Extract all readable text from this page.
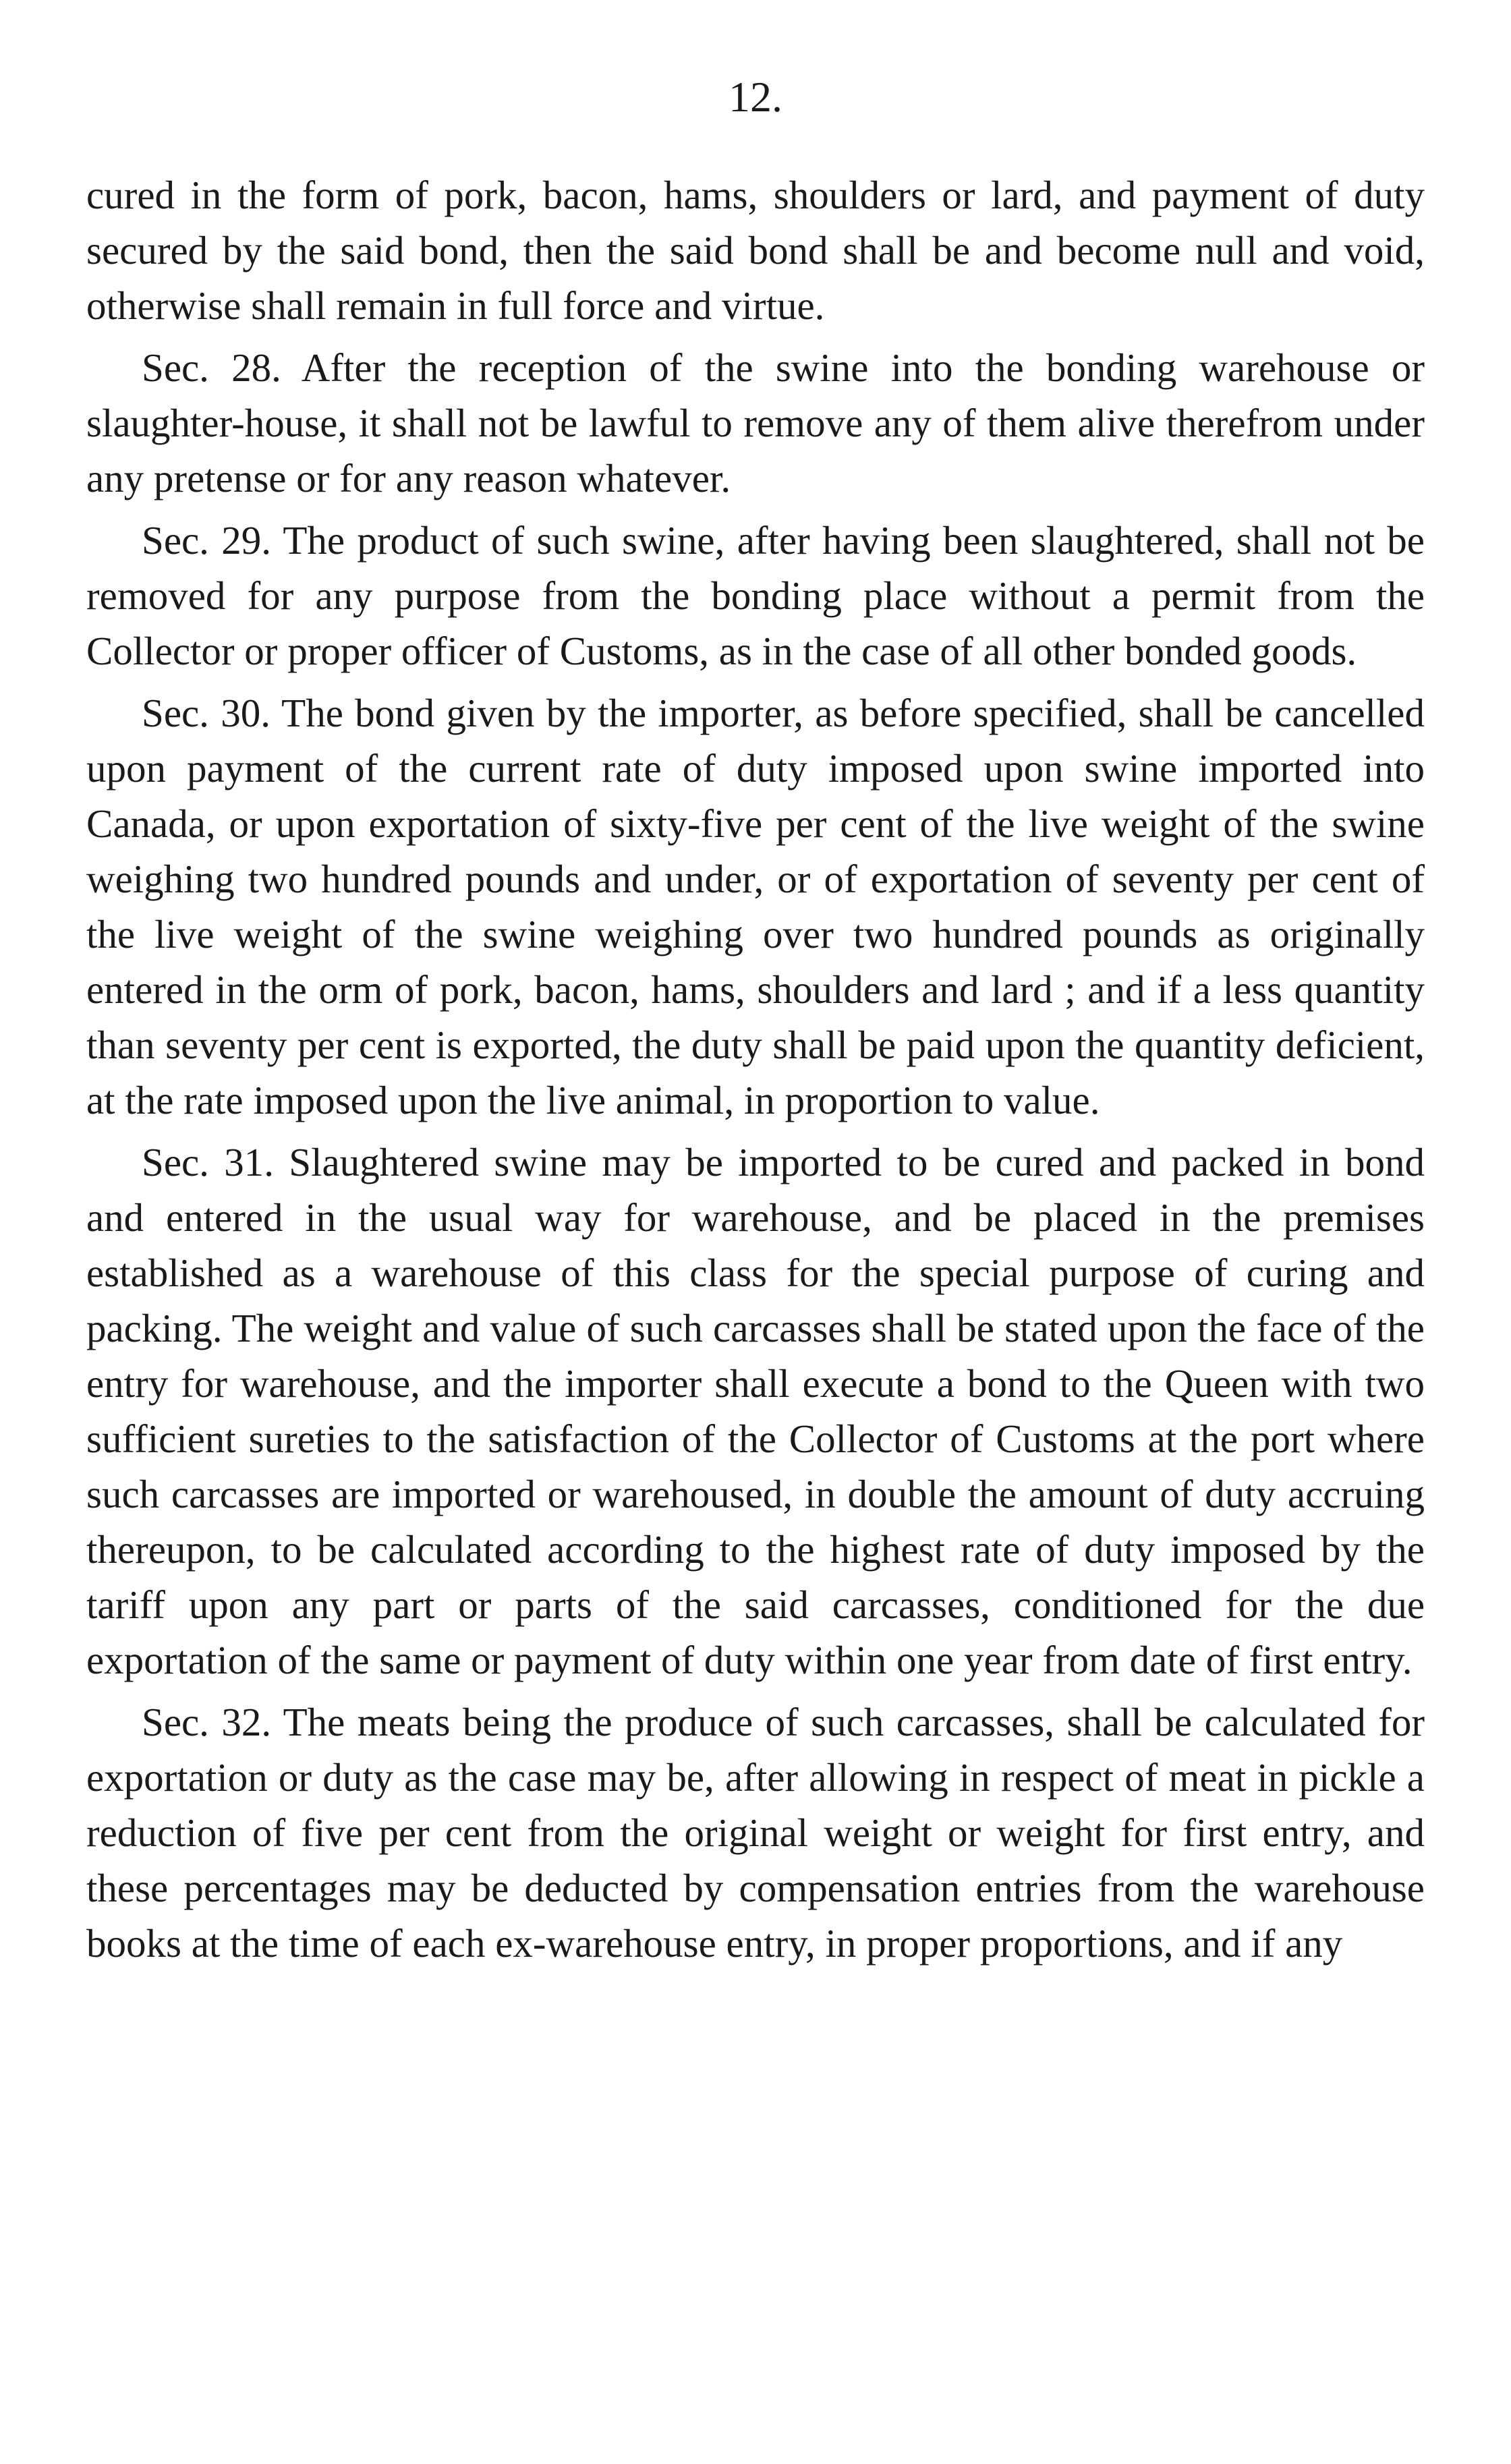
12.

cured in the form of pork, bacon, hams, shoulders or lard, and payment of duty secured by the said bond, then the said bond shall be and become null and void, otherwise shall remain in full force and virtue.

Sec. 28. After the reception of the swine into the bonding warehouse or slaughter-house, it shall not be lawful to remove any of them alive therefrom under any pretense or for any reason whatever.

Sec. 29. The product of such swine, after having been slaughtered, shall not be removed for any purpose from the bonding place without a permit from the Collector or proper officer of Customs, as in the case of all other bonded goods.

Sec. 30. The bond given by the importer, as before specified, shall be cancelled upon payment of the current rate of duty imposed upon swine imported into Canada, or upon exportation of sixty-five per cent of the live weight of the swine weighing two hundred pounds and under, or of exportation of seventy per cent of the live weight of the swine weighing over two hundred pounds as originally entered in the orm of pork, bacon, hams, shoulders and lard ; and if a less quantity than seventy per cent is exported, the duty shall be paid upon the quantity deficient, at the rate imposed upon the live animal, in proportion to value.

Sec. 31. Slaughtered swine may be imported to be cured and packed in bond and entered in the usual way for warehouse, and be placed in the premises established as a warehouse of this class for the special purpose of curing and packing. The weight and value of such carcasses shall be stated upon the face of the entry for warehouse, and the importer shall execute a bond to the Queen with two sufficient sureties to the satisfaction of the Collector of Customs at the port where such carcasses are imported or warehoused, in double the amount of duty accruing thereupon, to be calculated according to the highest rate of duty imposed by the tariff upon any part or parts of the said carcasses, conditioned for the due exportation of the same or payment of duty within one year from date of first entry.

Sec. 32. The meats being the produce of such carcasses, shall be calculated for exportation or duty as the case may be, after allowing in respect of meat in pickle a reduction of five per cent from the original weight or weight for first entry, and these percentages may be deducted by compensation entries from the warehouse books at the time of each ex-warehouse entry, in proper proportions, and if any
